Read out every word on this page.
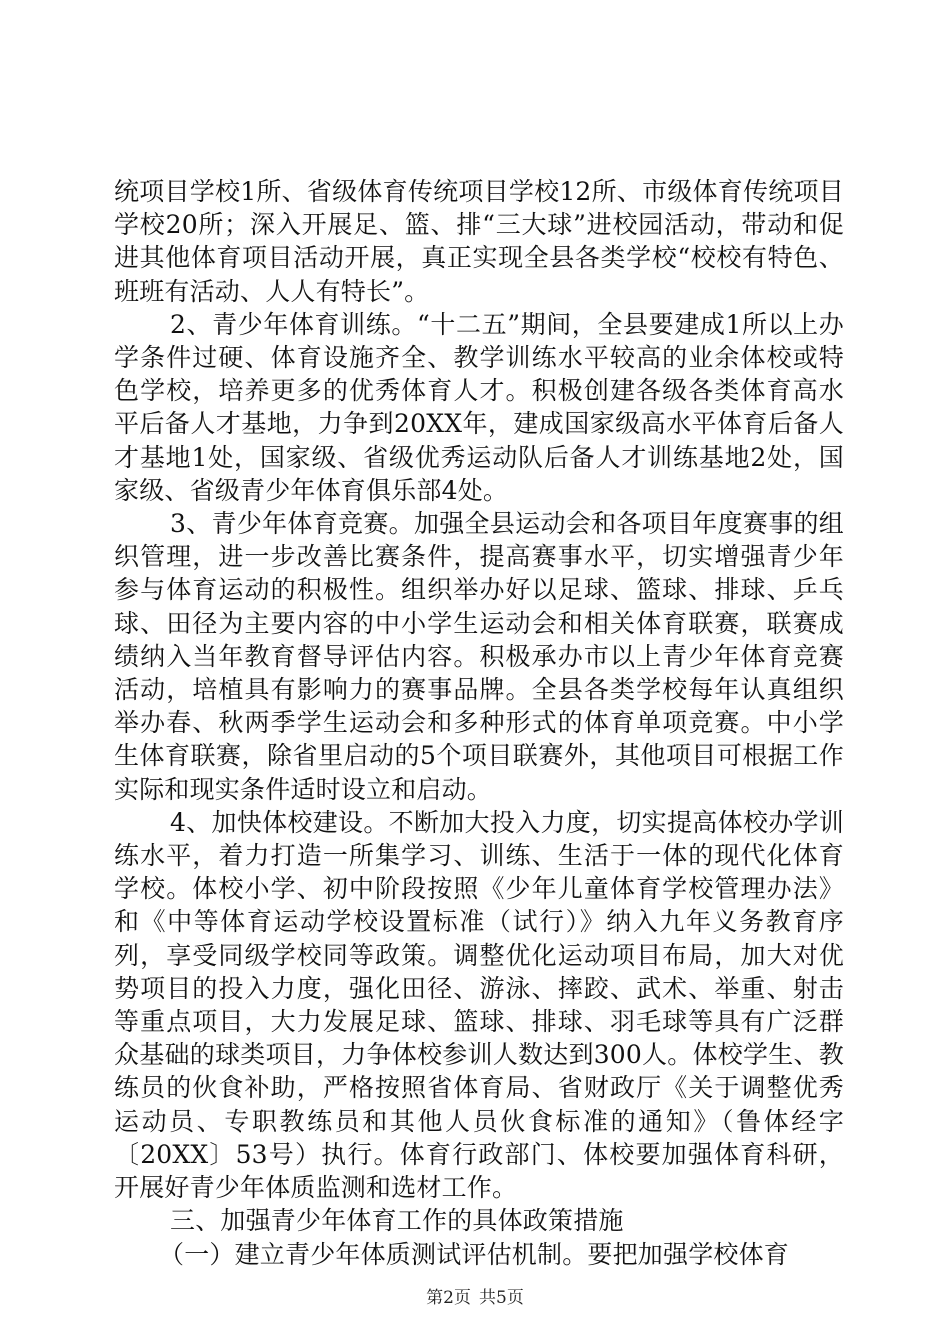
统项目学校1所、省级体育传统项目学校12所、市级体育传统项目学校20所；深入开展足、篮、排“三大球”进校园活动，带动和促进其他体育项目活动开展，真正实现全县各类学校“校校有特色、班班有活动、人人有特长”。

2、青少年体育训练。“十二五”期间，全县要建成1所以上办学条件过硬、体育设施齐全、教学训练水平较高的业余体校或特色学校，培养更多的优秀体育人才。积极创建各级各类体育高水平后备人才基地，力争到20XX年，建成国家级高水平体育后备人才基地1处，国家级、省级优秀运动队后备人才训练基地2处，国家级、省级青少年体育俱乐部4处。

3、青少年体育竞赛。加强全县运动会和各项目年度赛事的组织管理，进一步改善比赛条件，提高赛事水平，切实增强青少年参与体育运动的积极性。组织举办好以足球、篮球、排球、乒乓球、田径为主要内容的中小学生运动会和相关体育联赛，联赛成绩纳入当年教育督导评估内容。积极承办市以上青少年体育竞赛活动，培植具有影响力的赛事品牌。全县各类学校每年认真组织举办春、秋两季学生运动会和多种形式的体育单项竞赛。中小学生体育联赛，除省里启动的5个项目联赛外，其他项目可根据工作实际和现实条件适时设立和启动。

4、加快体校建设。不断加大投入力度，切实提高体校办学训练水平，着力打造一所集学习、训练、生活于一体的现代化体育学校。体校小学、初中阶段按照《少年儿童体育学校管理办法》和《中等体育运动学校设置标准（试行）》纳入九年义务教育序列，享受同级学校同等政策。调整优化运动项目布局，加大对优势项目的投入力度，强化田径、游泳、摔跤、武术、举重、射击等重点项目，大力发展足球、篮球、排球、羽毛球等具有广泛群众基础的球类项目，力争体校参训人数达到300人。体校学生、教练员的伙食补助，严格按照省体育局、省财政厅《关于调整优秀运动员、专职教练员和其他人员伙食标准的通知》（鲁体经字〔20XX〕53号）执行。体育行政部门、体校要加强体育科研，开展好青少年体质监测和选材工作。

三、加强青少年体育工作的具体政策措施

（一）建立青少年体质测试评估机制。要把加强学校体育

第2页 共5页
